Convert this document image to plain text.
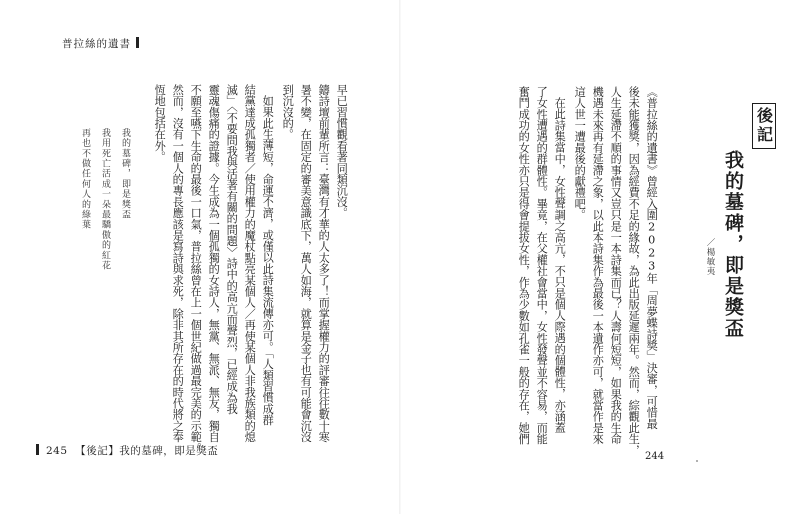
普拉絲的遺書
早已習慣觀看著同類沉沒。
鑄詩壇前輩所言：臺灣有才華的人太多了！而掌握權力的評審往往數十寒
暑不變，在固定的審美意識底下，萬人如海，就算是金子也有可能會沉沒
到沉沒的。
如果此生薄短，命運不濟，或僅以此詩集流傳亦可。「人類習慣成群
結黨達成孤獨者／使用權力的魔杖點亮某個人／再使某個人非我族類的熄
滅」〈不要問我與活著有關的問題〉詩中的高亢而聲烈，已經成為我
靈魂傷痛的證據。今生成為一個孤獨的女詩人，無黨、無派、無友，獨自
不願至嚥下生命的最後一口氣，普拉絲曾在上一個世紀做過最完美的示範。
然而，沒有一個人的專長應該是寫詩與求死，除非其所存在的時代將之奉
恆地包括在外。
我的墓碑，即是獎盃
我用死亡活成一朵最驕傲的紅花
再也不做任何人的綠葉
245 【後記】我的墓碑，即是獎盃
後記
我的墓碑，即是獎盃
／楊敏夷
《普拉絲的遺書》曾經入圍2023年「周夢蝶詩獎」決審，可惜最
後未能獲獎，因為經費不足的緣故，為此出版延遲兩年。然而，綜觀此生，
人生延滯不順的事情又豈只是一本詩集而已？人壽何短短，如果我的生命
機遇未來再有延滯之象，以此本詩集作為最後一本遺作亦可，就當作是來
這人世一遭最後的獻禮吧。
在此詩集當中，女性聲調之高亢，不只是個人際遇的個體性，亦涵蓋
了女性遭遇的群體性。畢竟，在父權社會當中，女性發聲並不容易，而能
奮鬥成功的女性亦只是得會提拔女性，作為少數如孔雀一般的存在，她們
244
